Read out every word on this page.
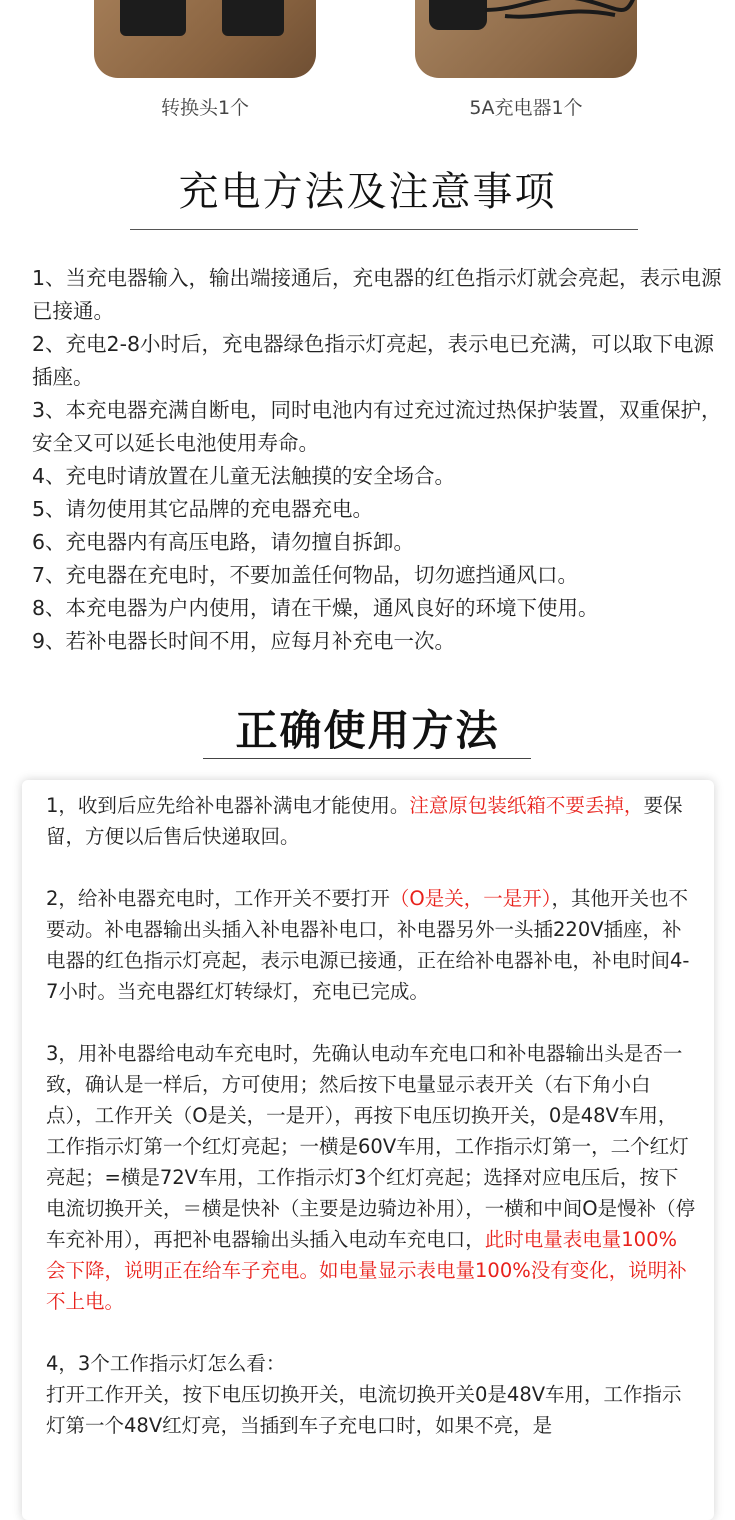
转换头1个	5A充电器1个
充电方法及注意事项
1、当充电器输入，输出端接通后，充电器的红色指示灯就会亮起，表示电源已接通。
2、充电2-8小时后，充电器绿色指示灯亮起，表示电已充满，可以取下电源插座。
3、本充电器充满自断电，同时电池内有过充过流过热保护装置，双重保护，安全又可以延长电池使用寿命。
4、充电时请放置在儿童无法触摸的安全场合。
5、请勿使用其它品牌的充电器充电。
6、充电器内有高压电路，请勿擅自拆卸。
7、充电器在充电时，不要加盖任何物品，切勿遮挡通风口。
8、本充电器为户内使用，请在干燥，通风良好的环境下使用。
9、若补电器长时间不用，应每月补充电一次。
正确使用方法

1，收到后应先给补电器补满电才能使用。注意原包装纸箱不要丢掉，要保留，方便以后售后快递取回。

2，给补电器充电时，工作开关不要打开（O是关，一是开），其他开关也不要动。补电器输出头插入补电器补电口，补电器另外一头插220V插座，补电器的红色指示灯亮起，表示电源已接通，正在给补电器补电，补电时间4-7小时。当充电器红灯转绿灯，充电已完成。

3，用补电器给电动车充电时，先确认电动车充电口和补电器输出头是否一致，确认是一样后，方可使用；然后按下电量显示表开关（右下角小白点），工作开关（O是关，一是开），再按下电压切换开关，0是48V车用，工作指示灯第一个红灯亮起；一横是60V车用，工作指示灯第一，二个红灯亮起；=横是72V车用，工作指示灯3个红灯亮起；选择对应电压后，按下电流切换开关，＝横是快补（主要是边骑边补用），一横和中间O是慢补（停车充补用），再把补电器输出头插入电动车充电口，此时电量表电量100%会下降，说明正在给车子充电。如电量显示表电量100%没有变化，说明补不上电。

4，3个工作指示灯怎么看：
打开工作开关，按下电压切换开关，电流切换开关0是48V车用，工作指示灯第一个48V红灯亮，当插到车子充电口时，如果不亮，是
